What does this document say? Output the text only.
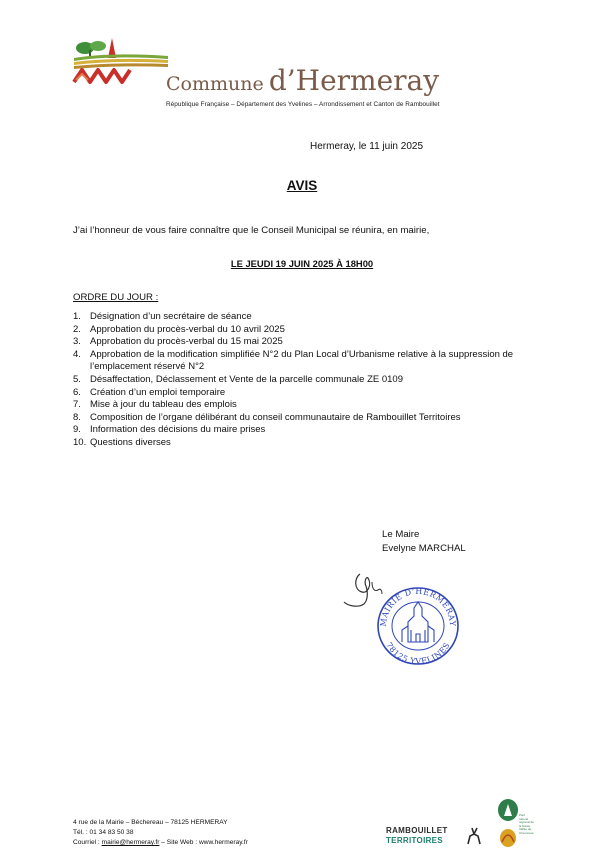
Commune d’Hermeray
République Française – Département des Yvelines – Arrondissement et Canton de Rambouillet
Hermeray, le 11 juin 2025
AVIS
J’ai l’honneur de vous faire connaître que le Conseil Municipal se réunira, en mairie,
LE JEUDI 19 JUIN 2025 À 18H00
ORDRE DU JOUR :
1. Désignation d’un secrétaire de séance
2. Approbation du procès-verbal du 10 avril 2025
3. Approbation du procès-verbal du 15 mai 2025
4. Approbation de la modification simplifiée N°2 du Plan Local d’Urbanisme relative à la suppression de l’emplacement réservé N°2
5. Désaffectation, Déclassement et Vente de la parcelle communale ZE 0109
6. Création d’un emploi temporaire
7. Mise à jour du tableau des emplois
8. Composition de l’organe délibérant du conseil communautaire de Rambouillet Territoires
9. Information des décisions du maire prises
10. Questions diverses
Le Maire
Evelyne MARCHAL
MAIRIE D’HERMERAY
78125 YVELINES
4 rue de la Mairie – Béchereau – 78125 HERMERAY
Tél. : 01 34 83 50 38
Courriel : mairie@hermeray.fr – Site Web : www.hermeray.fr
RAMBOUILLET
TERRITOIRES
Parc naturel régional de la Haute Vallée de Chevreuse
